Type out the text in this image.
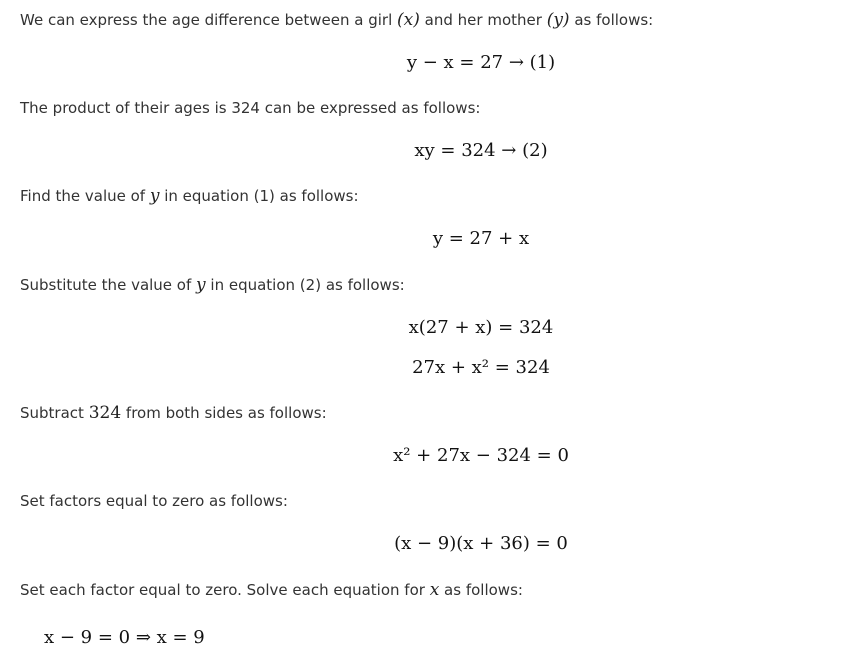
We can express the age difference between a girl (x) and her mother (y) as follows:
y − x = 27 → (1)
The product of their ages is 324 can be expressed as follows:
xy = 324 → (2)
Find the value of y in equation (1) as follows:
y = 27 + x
Substitute the value of y in equation (2) as follows:
x(27 + x) = 324
27x + x² = 324
Subtract 324 from both sides as follows:
x² + 27x − 324 = 0
Set factors equal to zero as follows:
(x − 9)(x + 36) = 0
Set each factor equal to zero. Solve each equation for x as follows:
x − 9 = 0 ⇒ x = 9
